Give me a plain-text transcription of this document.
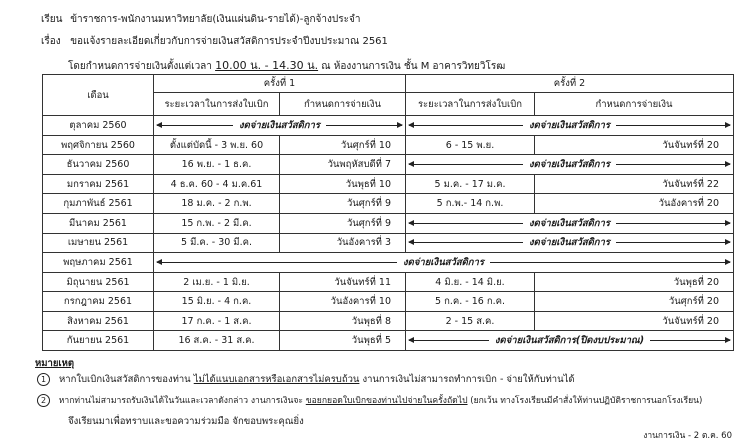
เรียน ข้าราชการ-พนักงานมหาวิทยาลัย(เงินแผ่นดิน-รายได้)-ลูกจ้างประจำ
เรื่อง ขอแจ้งรายละเอียดเกี่ยวกับการจ่ายเงินสวัสดิการประจำปีงบประมาณ 2561
โดยกำหนดการจ่ายเงินตั้งแต่เวลา 10.00 น. - 14.30 น. ณ ห้องงานการเงิน ชั้น M อาคารวิทยวิโรฒ
เดือน	ครั้งที่ 1		ครั้งที่ 2	
	ระยะเวลาในการส่งใบเบิก	กำหนดการจ่ายเงิน	ระยะเวลาในการส่งใบเบิก	กำหนดการจ่ายเงิน
ตุลาคม 2560	งดจ่ายเงินสวัสดิการ		งดจ่ายเงินสวัสดิการ	

พฤศจิกายน 2560	ตั้งแต่บัดนี้ - 3 พ.ย. 60	วันศุกร์ที่ 10	6 - 15 พ.ย.	วันจันทร์ที่ 20
ธันวาคม 2560	16 พ.ย. - 1 ธ.ค.	วันพฤหัสบดีที่ 7	งดจ่ายเงินสวัสดิการ	

มกราคม 2561	4 ธ.ค. 60 - 4 ม.ค.61	วันพุธที่ 10	5 ม.ค. - 17 ม.ค.	วันจันทร์ที่ 22
กุมภาพันธ์ 2561	18 ม.ค. - 2 ก.พ.	วันศุกร์ที่ 9	5 ก.พ.- 14 ก.พ.	วันอังคารที่ 20
มีนาคม 2561	15 ก.พ. - 2 มี.ค.	วันศุกร์ที่ 9	งดจ่ายเงินสวัสดิการ	

เมษายน 2561	5 มี.ค. - 30 มี.ค.	วันอังคารที่ 3	งดจ่ายเงินสวัสดิการ	

พฤษภาคม 2561	งดจ่ายเงินสวัสดิการ			

มิถุนายน 2561	2 เม.ย. - 1 มิ.ย.	วันจันทร์ที่ 11	4 มิ.ย. - 14 มิ.ย.	วันพุธที่ 20
กรกฎาคม 2561	15 มิ.ย. - 4 ก.ค.	วันอังคารที่ 10	5 ก.ค. - 16 ก.ค.	วันศุกร์ที่ 20
สิงหาคม 2561	17 ก.ค. - 1 ส.ค.	วันพุธที่ 8	2 - 15 ส.ค.	วันจันทร์ที่ 20
กันยายน 2561	16 ส.ค. - 31 ส.ค.	วันพุธที่ 5	งดจ่ายเงินสวัสดิการ(ปิดงบประมาณ)	
หมายเหตุ
1 หากใบเบิกเงินสวัสดิการของท่าน ไม่ได้แนบเอกสารหรือเอกสารไม่ครบถ้วน งานการเงินไม่สามารถทำการเบิก - จ่ายให้กับท่านได้
2 หากท่านไม่สามารถรับเงินได้ในวันและเวลาดังกล่าว งานการเงินจะ ขอยกยอดใบเบิกของท่านไปจ่ายในครั้งถัดไป (ยกเว้น ทางโรงเรียนมีคำสั่งให้ท่านปฏิบัติราชการนอกโรงเรียน)
จึงเรียนมาเพื่อทราบและขอความร่วมมือ จักขอบพระคุณยิ่ง
งานการเงิน - 2 ต.ค. 60
